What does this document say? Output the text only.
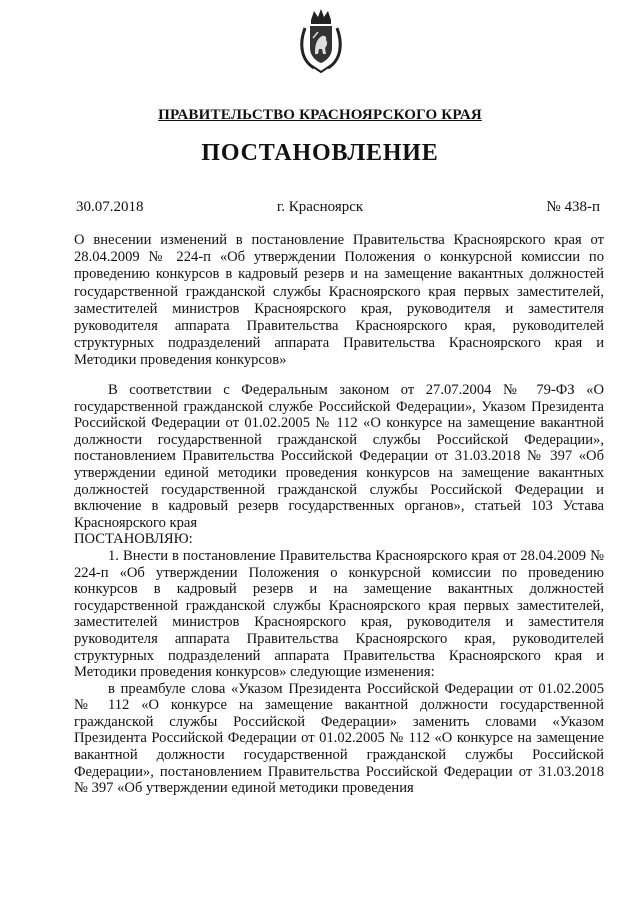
ПРАВИТЕЛЬСТВО КРАСНОЯРСКОГО КРАЯ
ПОСТАНОВЛЕНИЕ
30.07.2018	г. Красноярск	№ 438-п
О внесении изменений в постановление Правительства Красноярского края от 28.04.2009 № 224-п «Об утверждении Положения о конкурсной комиссии по проведению конкурсов в кадровый резерв и на замещение вакантных должностей государственной гражданской службы Красноярского края первых заместителей, заместителей министров Красноярского края, руководителя и заместителя руководителя аппарата Правительства Красноярского края, руководителей структурных подразделений аппарата Правительства Красноярского края и Методики проведения конкурсов»

В соответствии с Федеральным законом от 27.07.2004 № 79-ФЗ «О государственной гражданской службе Российской Федерации», Указом Президента Российской Федерации от 01.02.2005 № 112 «О конкурсе на замещение вакантной должности государственной гражданской службы Российской Федерации», постановлением Правительства Российской Федерации от 31.03.2018 № 397 «Об утверждении единой методики проведения конкурсов на замещение вакантных должностей государственной гражданской службы Российской Федерации и включение в кадровый резерв государственных органов», статьей 103 Устава Красноярского края

ПОСТАНОВЛЯЮ:

1. Внести в постановление Правительства Красноярского края от 28.04.2009 № 224-п «Об утверждении Положения о конкурсной комиссии по проведению конкурсов в кадровый резерв и на замещение вакантных должностей государственной гражданской службы Красноярского края первых заместителей, заместителей министров Красноярского края, руководителя и заместителя руководителя аппарата Правительства Красноярского края, руководителей структурных подразделений аппарата Правительства Красноярского края и Методики проведения конкурсов» следующие изменения:

в преамбуле слова «Указом Президента Российской Федерации от 01.02.2005 № 112 «О конкурсе на замещение вакантной должности государственной гражданской службы Российской Федерации» заменить словами «Указом Президента Российской Федерации от 01.02.2005 № 112 «О конкурсе на замещение вакантной должности государственной гражданской службы Российской Федерации», постановлением Правительства Российской Федерации от 31.03.2018 № 397 «Об утверждении единой методики проведения
